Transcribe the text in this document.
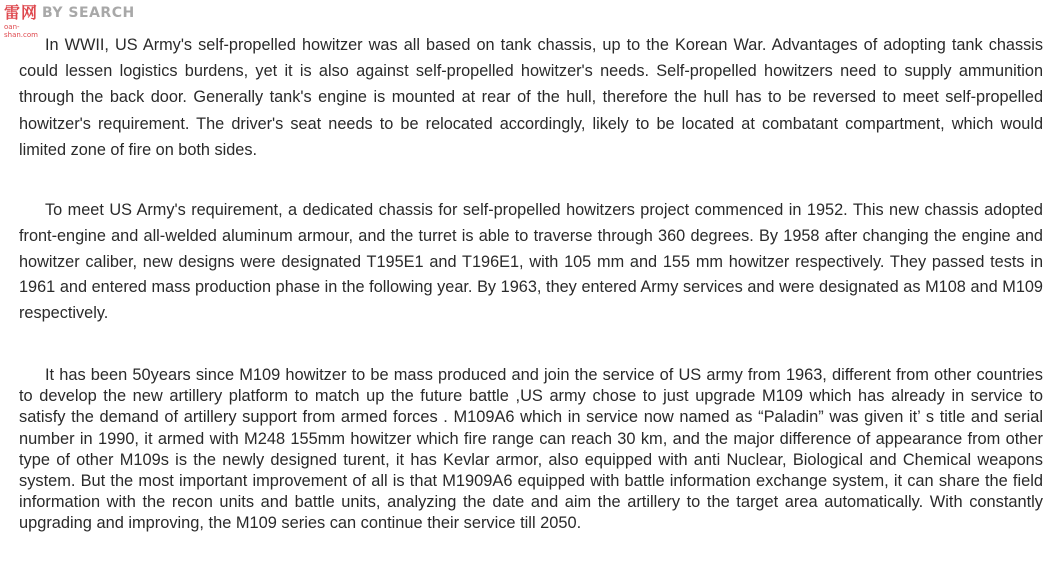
雷网
oan-shan.com
BY SEARCH

In WWII, US Army's self-propelled howitzer was all based on tank chassis, up to the Korean War. Advantages of adopting tank chassis could lessen logistics burdens, yet it is also against self-propelled howitzer's needs. Self-propelled howitzers need to supply ammunition through the back door. Generally tank's engine is mounted at rear of the hull, therefore the hull has to be reversed to meet self-propelled howitzer's requirement. The driver's seat needs to be relocated accordingly, likely to be located at combatant compartment, which would limited zone of fire on both sides.

To meet US Army's requirement, a dedicated chassis for self-propelled howitzers project commenced in 1952. This new chassis adopted front-engine and all-welded aluminum armour, and the turret is able to traverse through 360 degrees. By 1958 after changing the engine and howitzer caliber, new designs were designated T195E1 and T196E1, with 105 mm and 155 mm howitzer respectively. They passed tests in 1961 and entered mass production phase in the following year. By 1963, they entered Army services and were designated as M108 and M109 respectively.

It has been 50years since M109 howitzer to be mass produced and join the service of US army from 1963, different from other countries to develop the new artillery platform to match up the future battle ,US army chose to just upgrade M109 which has already in service to satisfy the demand of artillery support from armed forces . M109A6 which in service now named as “Paladin” was given it’ s title and serial number in 1990, it armed with M248 155mm howitzer which fire range can reach 30 km, and the major difference of appearance from other type of other M109s is the newly designed turent, it has Kevlar armor, also equipped with anti Nuclear, Biological and Chemical weapons system. But the most important improvement of all is that M1909A6 equipped with battle information exchange system, it can share the field information with the recon units and battle units, analyzing the date and aim the artillery to the target area automatically. With constantly upgrading and improving, the M109 series can continue their service till 2050.
